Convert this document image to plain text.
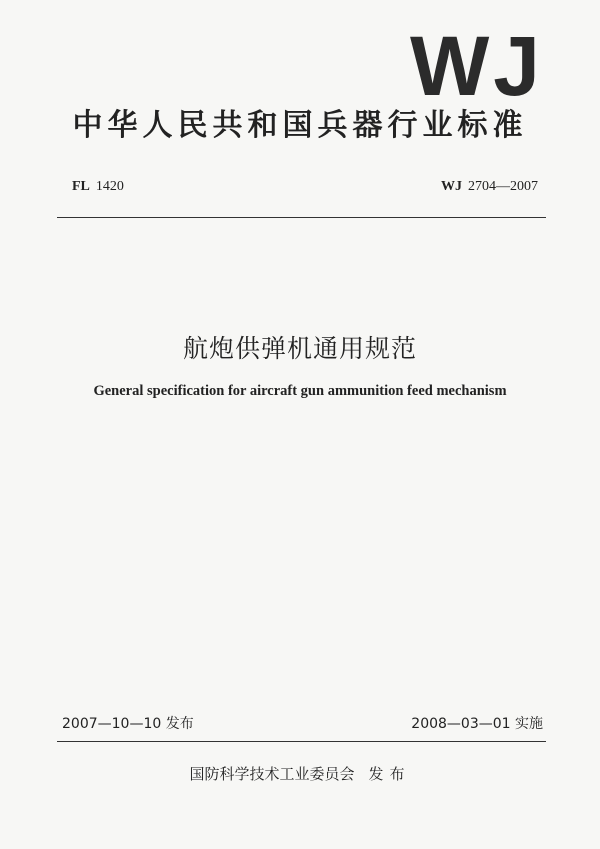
WJ
中华人民共和国兵器行业标准
FL 1420	WJ 2704—2007
航炮供弹机通用规范
General specification for aircraft gun ammunition feed mechanism
2007—10—10 发布	2008—03—01 实施
国防科学技术工业委员会 发布
